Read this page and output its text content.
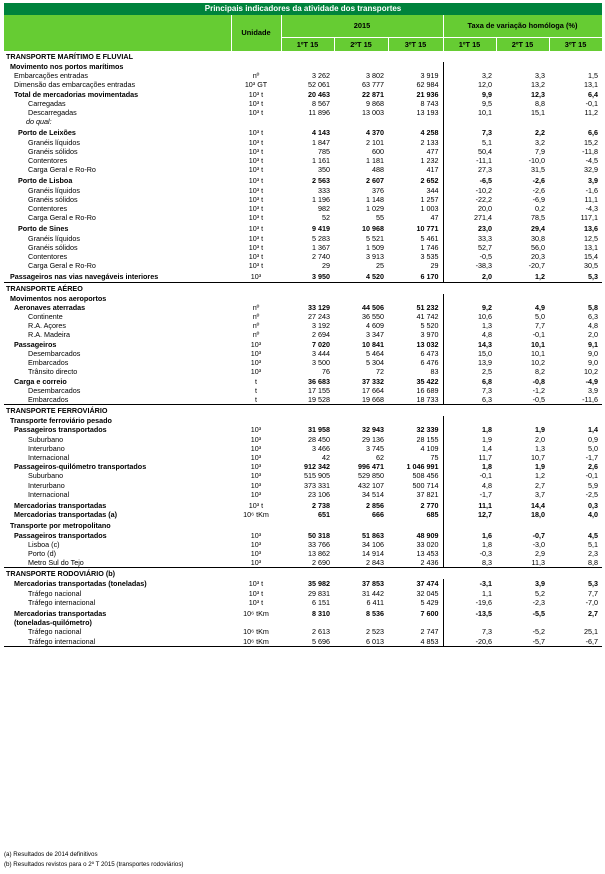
Principais indicadores da atividade dos transportes							
	Unidade	2015			Taxa de variação homóloga (%)		
		1ºT 15	2ºT 15	3ºT 15	1ºT 15	2ºT 15	3ºT 15
TRANSPORTE MARÍTIMO E FLUVIAL							
Movimento nos portos marítimos							
Embarcações entradas	nº	3 262	3 802	3 919	3,2	3,3	1,5
Dimensão das embarcações entradas	10³ GT	52 061	63 777	62 984	12,0	13,2	13,1
Total de mercadorias movimentadas	10³ t	20 463	22 871	21 936	9,9	12,3	6,4
Carregadas	10³ t	8 567	9 868	8 743	9,5	8,8	-0,1
Descarregadas	10³ t	11 896	13 003	13 193	10,1	15,1	11,2
do qual:							
Porto de Leixões	10³ t	4 143	4 370	4 258	7,3	2,2	6,6
Granéis líquidos	10³ t	1 847	2 101	2 133	5,1	3,2	15,2
Granéis sólidos	10³ t	785	600	477	50,4	7,9	-11,8
Contentores	10³ t	1 161	1 181	1 232	-11,1	-10,0	-4,5
Carga Geral e Ro-Ro	10³ t	350	488	417	27,3	31,5	32,9
Porto de Lisboa	10³ t	2 563	2 607	2 652	-6,5	-2,6	3,9
Granéis líquidos	10³ t	333	376	344	-10,2	-2,6	-1,6
Granéis sólidos	10³ t	1 196	1 148	1 257	-22,2	-6,9	11,1
Contentores	10³ t	982	1 029	1 003	20,0	0,2	-4,3
Carga Geral e Ro-Ro	10³ t	52	55	47	271,4	78,5	117,1
Porto de Sines	10³ t	9 419	10 968	10 771	23,0	29,4	13,6
Granéis líquidos	10³ t	5 283	5 521	5 461	33,3	30,8	12,5
Granéis sólidos	10³ t	1 367	1 509	1 746	52,7	56,0	13,1
Contentores	10³ t	2 740	3 913	3 535	-0,5	20,3	15,4
Carga Geral e Ro-Ro	10³ t	29	25	29	-38,3	-20,7	30,5
Passageiros nas vias navegáveis interiores	10³	3 950	4 520	6 170	2,0	1,2	5,3
TRANSPORTE AÉREO							
Movimentos nos aeroportos							
Aeronaves aterradas	nº	33 129	44 506	51 232	9,2	4,9	5,8
Continente	nº	27 243	36 550	41 742	10,6	5,0	6,3
R.A. Açores	nº	3 192	4 609	5 520	1,3	7,7	4,8
R.A. Madeira	nº	2 694	3 347	3 970	4,8	-0,1	2,0
Passageiros	10³	7 020	10 841	13 032	14,3	10,1	9,1
Desembarcados	10³	3 444	5 464	6 473	15,0	10,1	9,0
Embarcados	10³	3 500	5 304	6 476	13,9	10,2	9,0
Trânsito directo	10³	76	72	83	2,5	8,2	10,2
Carga e correio	t	36 683	37 332	35 422	6,8	-0,8	-4,9
Desembarcados	t	17 155	17 664	16 689	7,3	-1,2	3,9
Embarcados	t	19 528	19 668	18 733	6,3	-0,5	-11,6
TRANSPORTE FERROVIÁRIO							
Transporte ferroviário pesado							
Passageiros transportados	10³	31 958	32 943	32 339	1,8	1,9	1,4
Suburbano	10³	28 450	29 136	28 155	1,9	2,0	0,9
Interurbano	10³	3 466	3 745	4 109	1,4	1,3	5,0
Internacional	10³	42	62	75	11,7	10,7	-1,7
Passageiros-quilómetro transportados	10³	912 342	996 471	1 046 991	1,8	1,9	2,6
Suburbano	10³	515 905	529 850	508 456	-0,1	1,2	-0,1
Interurbano	10³	373 331	432 107	500 714	4,8	2,7	5,9
Internacional	10³	23 106	34 514	37 821	-1,7	3,7	-2,5
Mercadorias transportadas	10³ t	2 738	2 856	2 770	11,1	14,4	0,3
Mercadorias transportadas (a)	10⁶ tKm	651	666	685	12,7	18,0	4,0
Transporte por metropolitano							
Passageiros transportados	10³	50 318	51 863	48 909	1,6	-0,7	4,5
Lisboa (c)	10³	33 766	34 106	33 020	1,8	-3,0	5,1
Porto (d)	10³	13 862	14 914	13 453	-0,3	2,9	2,3
Metro Sul do Tejo	10³	2 690	2 843	2 436	8,3	11,3	8,8
TRANSPORTE RODOVIÁRIO (b)							
Mercadorias transportadas (toneladas)	10³ t	35 982	37 853	37 474	-3,1	3,9	5,3
Tráfego nacional	10³ t	29 831	31 442	32 045	1,1	5,2	7,7
Tráfego internacional	10³ t	6 151	6 411	5 429	-19,6	-2,3	-7,0
Mercadorias transportadas	10⁶ tKm	8 310	8 536	7 600	-13,5	-5,5	2,7
(toneladas-quilómetro)							
Tráfego nacional	10⁶ tKm	2 613	2 523	2 747	7,3	-5,2	25,1
Tráfego internacional	10⁶ tKm	5 696	6 013	4 853	-20,6	-5,7	-6,7
(a) Resultados de 2014 definitivos
(b) Resultados revistos para o 2º T 2015 (transportes rodoviários)
